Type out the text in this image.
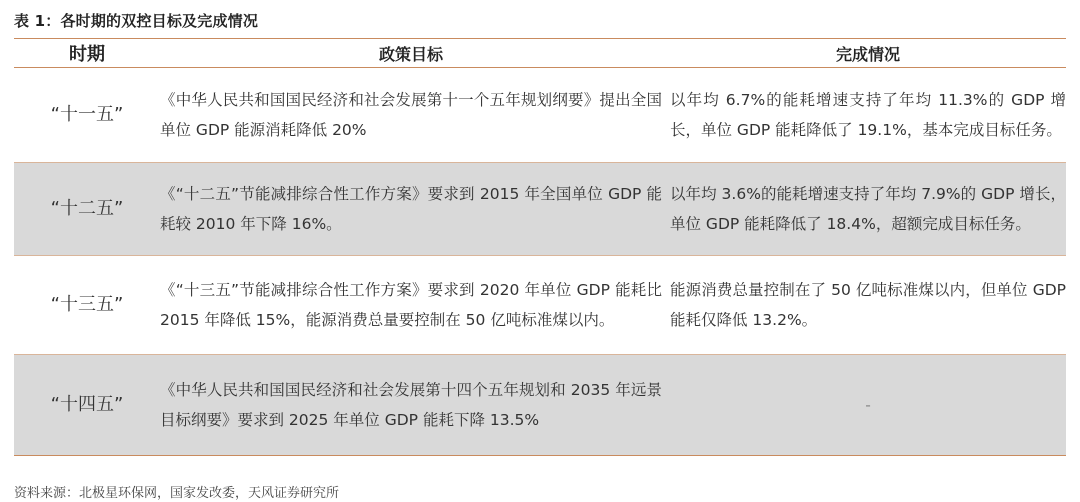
表 1：各时期的双控目标及完成情况
时期	政策目标	完成情况
“十一五”
《中华人民共和国国民经济和社会发展第十一个五年规划纲要》提出全国单位 GDP 能源消耗降低 20%
以年均 6.7%的能耗增速支持了年均 11.3%的 GDP 增长，单位 GDP 能耗降低了 19.1%，基本完成目标任务。
“十二五”
《“十二五”节能减排综合性工作方案》要求到 2015 年全国单位 GDP 能耗较 2010 年下降 16%。
以年均 3.6%的能耗增速支持了年均 7.9%的 GDP 增长，单位 GDP 能耗降低了 18.4%，超额完成目标任务。
“十三五”
《“十三五”节能减排综合性工作方案》要求到 2020 年单位 GDP 能耗比 2015 年降低 15%，能源消费总量要控制在 50 亿吨标准煤以内。
能源消费总量控制在了 50 亿吨标准煤以内，但单位 GDP 能耗仅降低 13.2%。
“十四五”
《中华人民共和国国民经济和社会发展第十四个五年规划和 2035 年远景目标纲要》要求到 2025 年单位 GDP 能耗下降 13.5%
-
资料来源：北极星环保网，国家发改委，天风证券研究所
